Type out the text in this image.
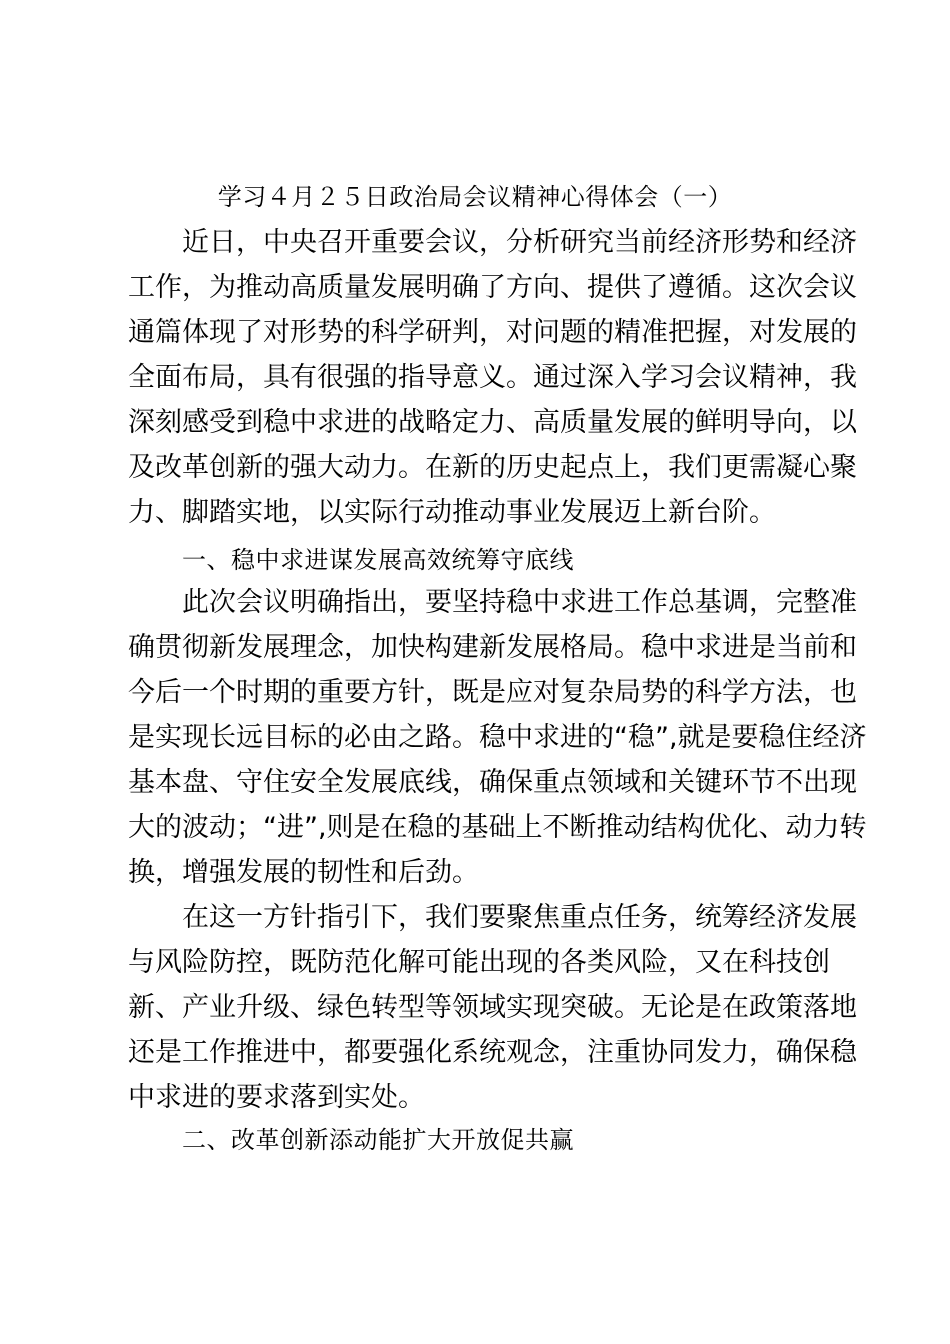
学习４月２５日政治局会议精神心得体会（一）

近日，中央召开重要会议，分析研究当前经济形势和经济

工作，为推动高质量发展明确了方向、提供了遵循。这次会议

通篇体现了对形势的科学研判，对问题的精准把握，对发展的

全面布局，具有很强的指导意义。通过深入学习会议精神，我

深刻感受到稳中求进的战略定力、高质量发展的鲜明导向，以

及改革创新的强大动力。在新的历史起点上，我们更需凝心聚

力、脚踏实地，以实际行动推动事业发展迈上新台阶。

一、稳中求进谋发展高效统筹守底线

此次会议明确指出，要坚持稳中求进工作总基调，完整准

确贯彻新发展理念，加快构建新发展格局。稳中求进是当前和

今后一个时期的重要方针，既是应对复杂局势的科学方法，也

是实现长远目标的必由之路。稳中求进的“稳”,就是要稳住经济

基本盘、守住安全发展底线，确保重点领域和关键环节不出现

大的波动；“进”,则是在稳的基础上不断推动结构优化、动力转

换，增强发展的韧性和后劲。

在这一方针指引下，我们要聚焦重点任务，统筹经济发展

与风险防控，既防范化解可能出现的各类风险，又在科技创

新、产业升级、绿色转型等领域实现突破。无论是在政策落地

还是工作推进中，都要强化系统观念，注重协同发力，确保稳

中求进的要求落到实处。

二、改革创新添动能扩大开放促共赢
